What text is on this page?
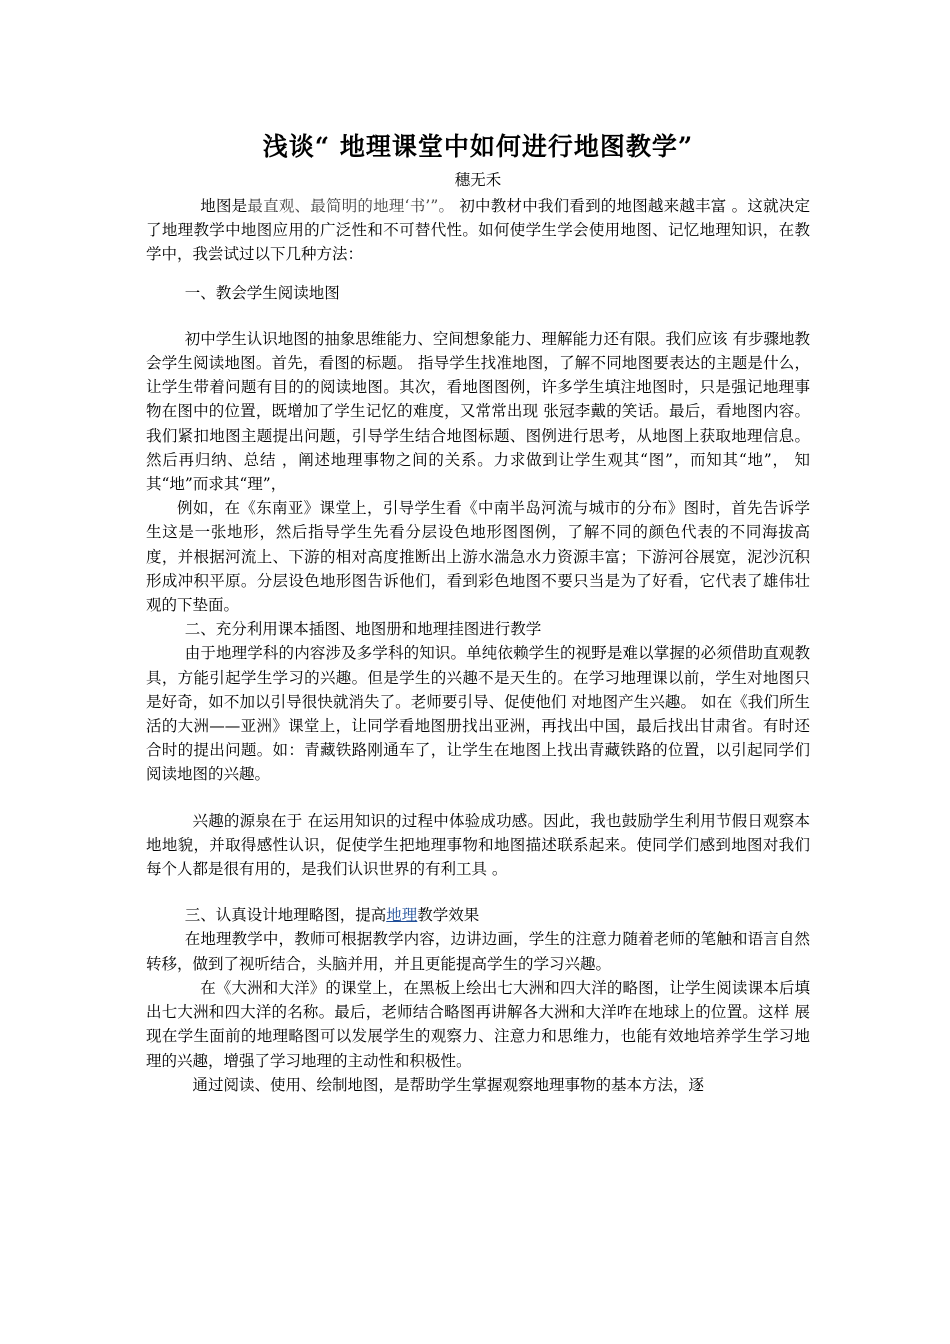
浅谈“ 地理课堂中如何进行地图教学”
穗无禾

地图是最直观、最简明的地理‘书’”。 初中教材中我们看到的地图越来越丰富 。这就决定了地理教学中地图应用的广泛性和不可替代性。如何使学生学会使用地图、记忆地理知识，在教学中，我尝试过以下几种方法：

一、教会学生阅读地图

初中学生认识地图的抽象思维能力、空间想象能力、理解能力还有限。我们应该 有步骤地教会学生阅读地图。首先，看图的标题。 指导学生找准地图，了解不同地图要表达的主题是什么，让学生带着问题有目的的阅读地图。其次，看地图图例，许多学生填注地图时，只是强记地理事物在图中的位置，既增加了学生记忆的难度，又常常出现 张冠李戴的笑话。最后，看地图内容。我们紧扣地图主题提出问题，引导学生结合地图标题、图例进行思考，从地图上获取地理信息。然后再归纳、总结 ，阐述地理事物之间的关系。力求做到让学生观其“图”，而知其“地”， 知其“地”而求其“理”，

例如，在《东南亚》课堂上，引导学生看《中南半岛河流与城市的分布》图时，首先告诉学生这是一张地形，然后指导学生先看分层设色地形图图例，了解不同的颜色代表的不同海拔高度，并根据河流上、下游的相对高度推断出上游水湍急水力资源丰富；下游河谷展宽，泥沙沉积形成冲积平原。分层设色地形图告诉他们，看到彩色地图不要只当是为了好看，它代表了雄伟壮观的下垫面。

二、充分利用课本插图、地图册和地理挂图进行教学

由于地理学科的内容涉及多学科的知识。单纯依赖学生的视野是难以掌握的必须借助直观教具，方能引起学生学习的兴趣。但是学生的兴趣不是天生的。在学习地理课以前，学生对地图只是好奇，如不加以引导很快就消失了。老师要引导、促使他们 对地图产生兴趣。 如在《我们所生活的大洲——亚洲》课堂上，让同学看地图册找出亚洲，再找出中国，最后找出甘肃省。有时还合时的提出问题。如：青藏铁路刚通车了，让学生在地图上找出青藏铁路的位置，以引起同学们阅读地图的兴趣。

兴趣的源泉在于 在运用知识的过程中体验成功感。因此，我也鼓励学生利用节假日观察本地地貌，并取得感性认识，促使学生把地理事物和地图描述联系起来。使同学们感到地图对我们每个人都是很有用的，是我们认识世界的有利工具 。

三、认真设计地理略图，提高地理教学效果

在地理教学中，教师可根据教学内容，边讲边画，学生的注意力随着老师的笔触和语言自然转移，做到了视听结合，头脑并用，并且更能提高学生的学习兴趣。

在《大洲和大洋》的课堂上，在黑板上绘出七大洲和四大洋的略图，让学生阅读课本后填出七大洲和四大洋的名称。最后，老师结合略图再讲解各大洲和大洋咋在地球上的位置。这样 展现在学生面前的地理略图可以发展学生的观察力、注意力和思维力，也能有效地培养学生学习地理的兴趣，增强了学习地理的主动性和积极性。

通过阅读、使用、绘制地图，是帮助学生掌握观察地理事物的基本方法，逐
